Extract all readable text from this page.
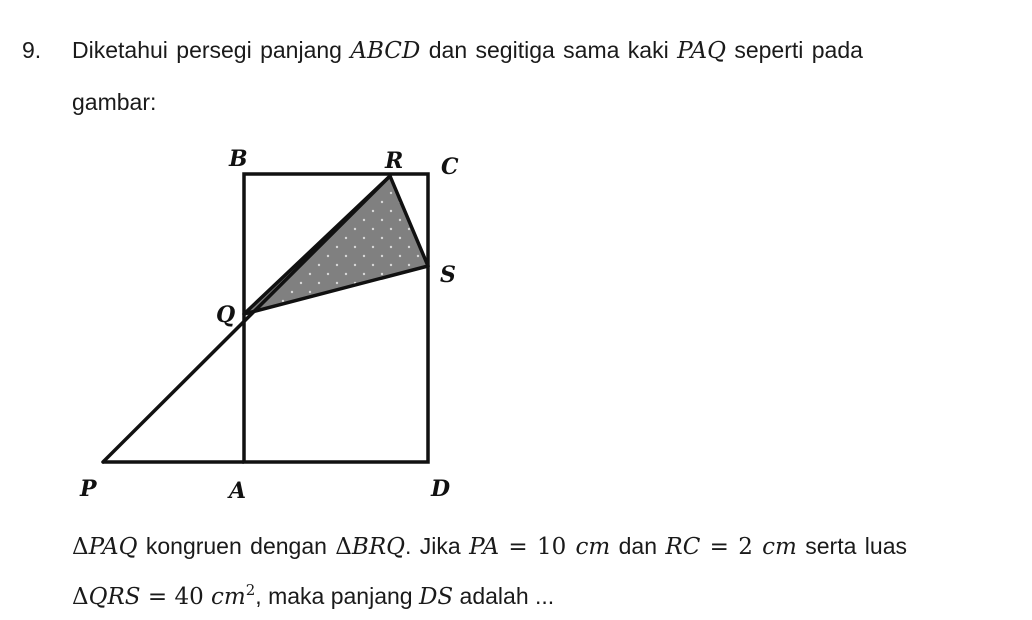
9. Diketahui persegi panjang ABCD dan segitiga sama kaki PAQ seperti pada
gambar:
B	R C
S
Q
P	A	D
ΔPAQ kongruen dengan ΔBRQ. Jika PA = 10 cm dan RC = 2 cm serta luas
ΔQRS = 40 $cm^2$, maka panjang DS adalah ...
